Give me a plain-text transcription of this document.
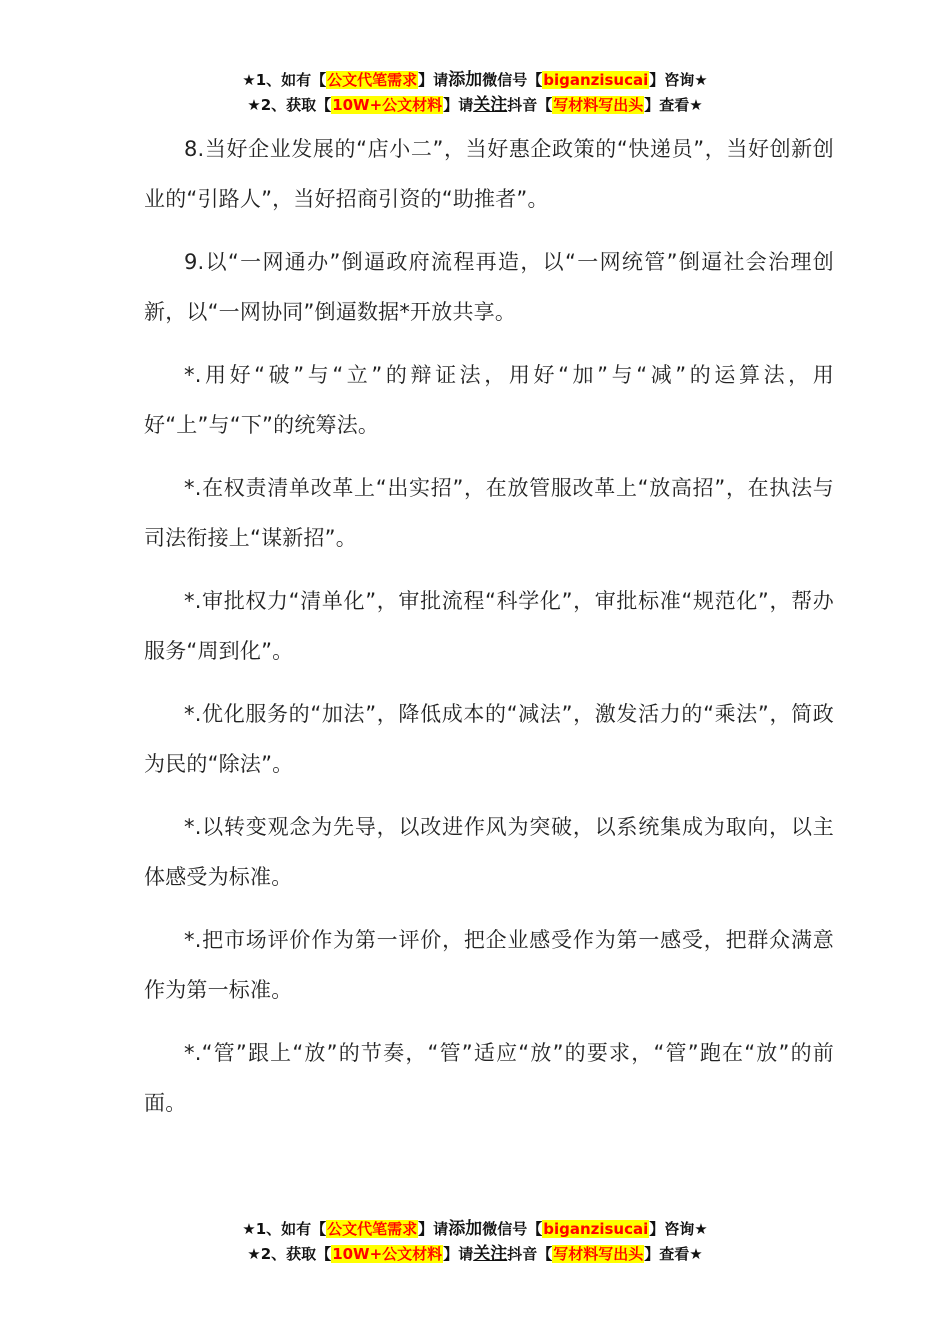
★1、如有【公文代笔需求】请添加微信号【biganzisucai】咨询★
★2、获取【10W+公文材料】请关注抖音【写材料写出头】查看★

8.当好企业发展的“店小二”，当好惠企政策的“快递员”，当好创新创业的“引路人”，当好招商引资的“助推者”。

9.以“一网通办”倒逼政府流程再造，以“一网统管”倒逼社会治理创新，以“一网协同”倒逼数据*开放共享。

*.用好“破”与“立”的辩证法，用好“加”与“减”的运算法，用好“上”与“下”的统筹法。

*.在权责清单改革上“出实招”，在放管服改革上“放高招”，在执法与司法衔接上“谋新招”。

*.审批权力“清单化”，审批流程“科学化”，审批标准“规范化”，帮办服务“周到化”。

*.优化服务的“加法”，降低成本的“减法”，激发活力的“乘法”，简政为民的“除法”。

*.以转变观念为先导，以改进作风为突破，以系统集成为取向，以主体感受为标准。

*.把市场评价作为第一评价，把企业感受作为第一感受，把群众满意作为第一标准。

*.“管”跟上“放”的节奏，“管”适应“放”的要求，“管”跑在“放”的前面。

★1、如有【公文代笔需求】请添加微信号【biganzisucai】咨询★
★2、获取【10W+公文材料】请关注抖音【写材料写出头】查看★
